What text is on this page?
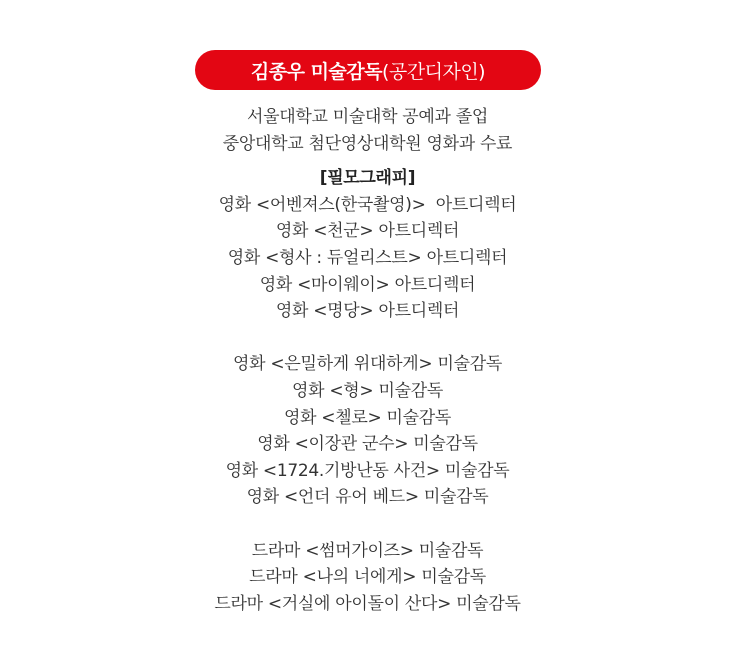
김종우 미술감독 (공간디자인)
서울대학교 미술대학 공예과 졸업
중앙대학교 첨단영상대학원 영화과 수료
[필모그래피]
영화 <어벤져스(한국촬영)>  아트디렉터
영화 <천군> 아트디렉터
영화 <형사 : 듀얼리스트> 아트디렉터
영화 <마이웨이> 아트디렉터
영화 <명당> 아트디렉터
영화 <은밀하게 위대하게> 미술감독
영화 <형> 미술감독
영화 <첼로> 미술감독
영화 <이장관 군수> 미술감독
영화 <1724.기방난동 사건> 미술감독
영화 <언더 유어 베드> 미술감독
드라마 <썸머가이즈> 미술감독
드라마 <나의 너에게> 미술감독
드라마 <거실에 아이돌이 산다> 미술감독
